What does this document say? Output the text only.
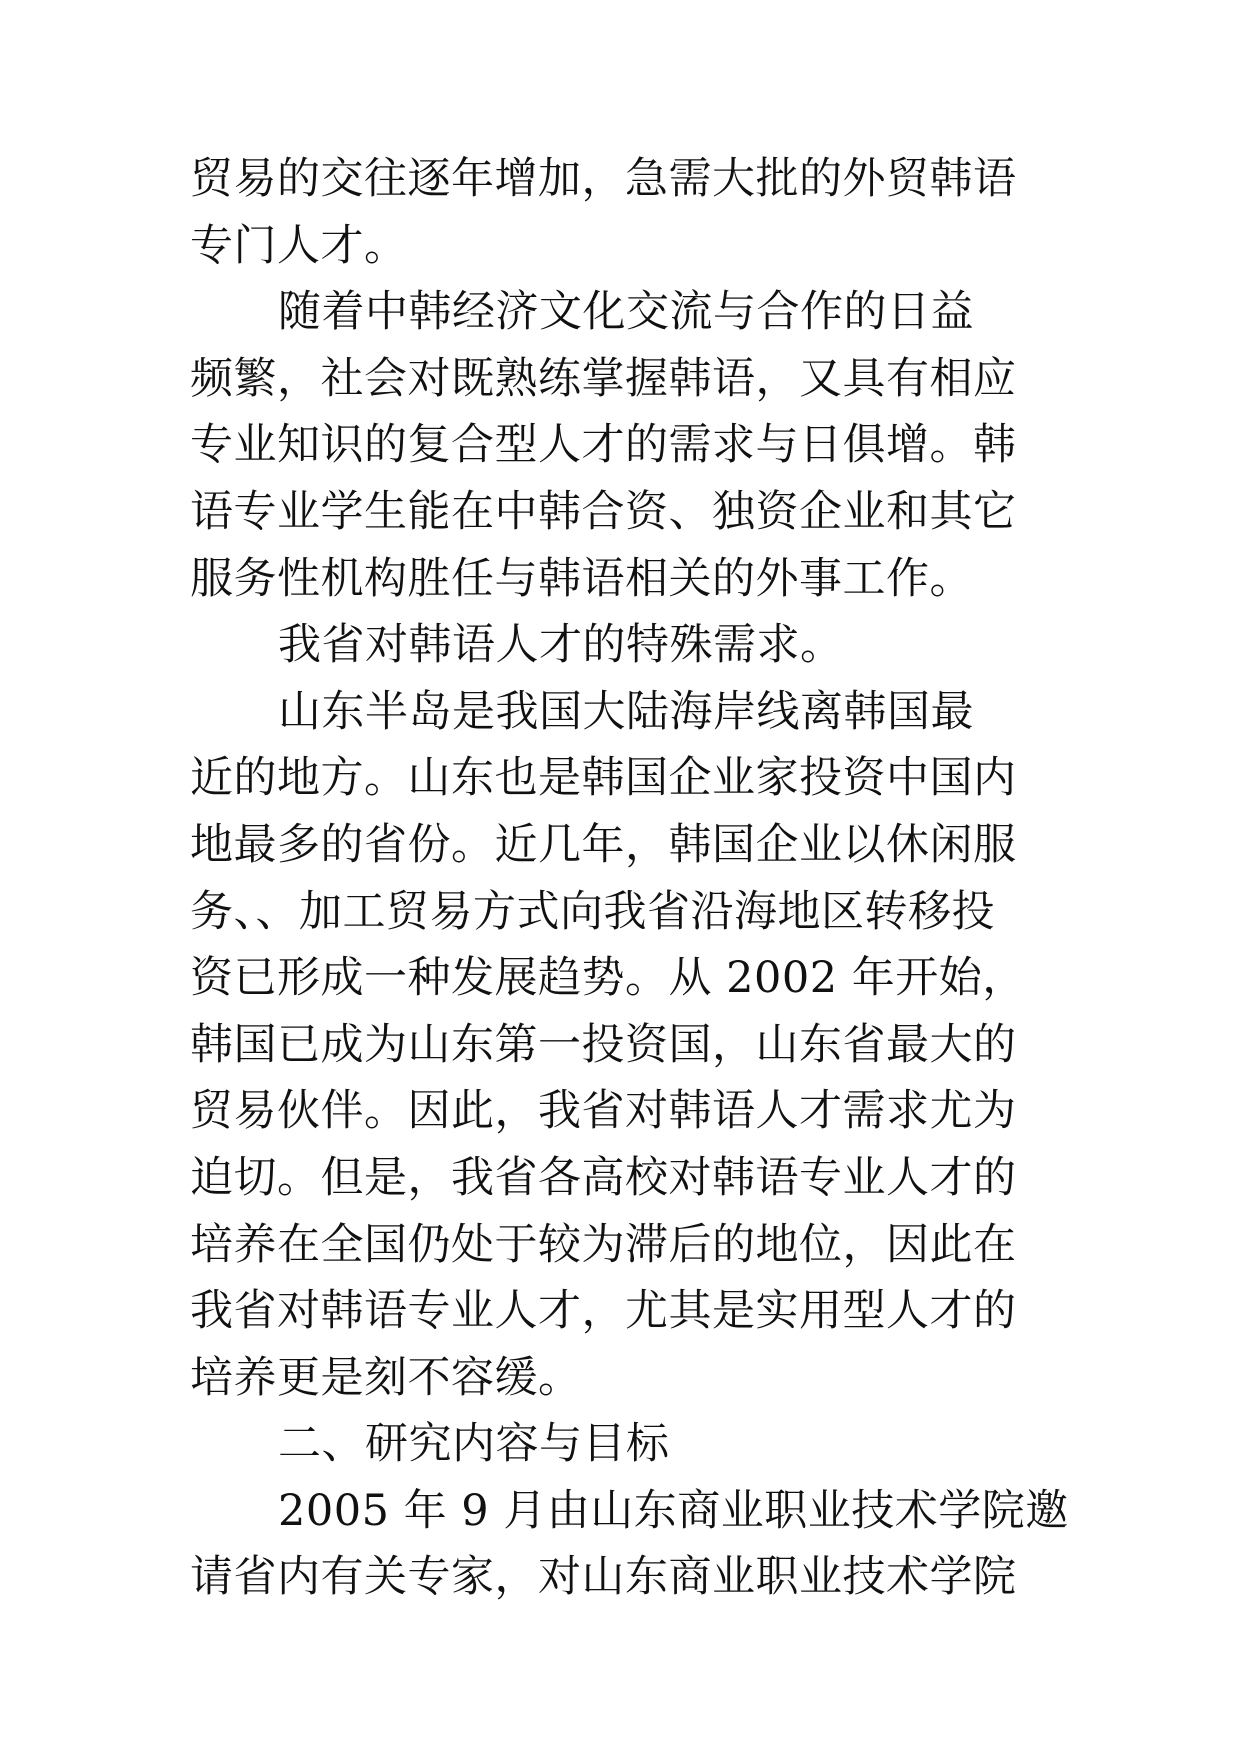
贸易的交往逐年增加，急需大批的外贸韩语
专门人才。
随着中韩经济文化交流与合作的日益
频繁，社会对既熟练掌握韩语，又具有相应
专业知识的复合型人才的需求与日俱增。韩
语专业学生能在中韩合资、独资企业和其它
服务性机构胜任与韩语相关的外事工作。
我省对韩语人才的特殊需求。
山东半岛是我国大陆海岸线离韩国最
近的地方。山东也是韩国企业家投资中国内
地最多的省份。近几年，韩国企业以休闲服
务、、加工贸易方式向我省沿海地区转移投
资已形成一种发展趋势。从 2002 年开始，
韩国已成为山东第一投资国，山东省最大的
贸易伙伴。因此，我省对韩语人才需求尤为
迫切。但是，我省各高校对韩语专业人才的
培养在全国仍处于较为滞后的地位，因此在
我省对韩语专业人才，尤其是实用型人才的
培养更是刻不容缓。
二、研究内容与目标
2005 年 9 月由山东商业职业技术学院邀
请省内有关专家，对山东商业职业技术学院
